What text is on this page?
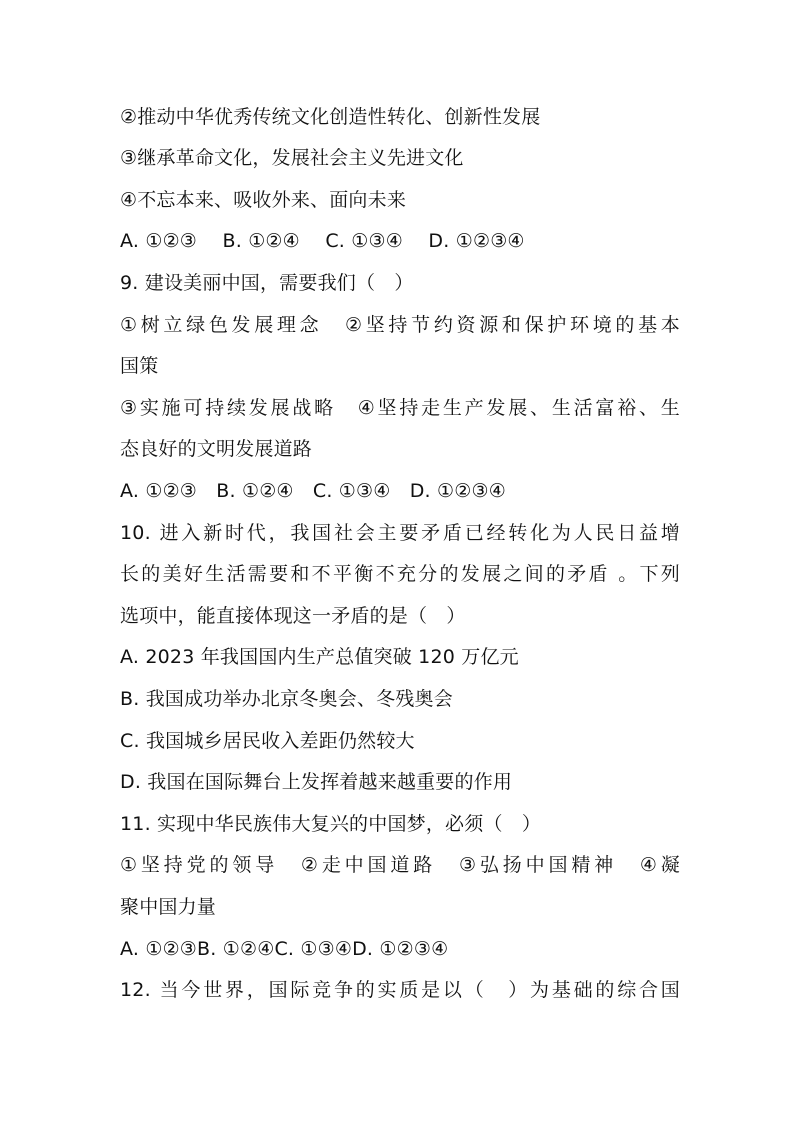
②推动中华优秀传统文化创造性转化、创新性发展
③继承革命文化，发展社会主义先进文化
④不忘本来、吸收外来、面向未来
A. ①②③　 B. ①②④　 C. ①③④　 D. ①②③④
9. 建设美丽中国，需要我们（　）
①树立绿色发展理念　②坚持节约资源和保护环境的基本
国策
③实施可持续发展战略　④坚持走生产发展、生活富裕、生
态良好的文明发展道路
A. ①②③　B. ①②④　C. ①③④　D. ①②③④
10. 进入新时代，我国社会主要矛盾已经转化为人民日益增
长的美好生活需要和不平衡不充分的发展之间的矛盾 。下列
选项中，能直接体现这一矛盾的是（　）
A. 2023 年我国国内生产总值突破 120 万亿元
B. 我国成功举办北京冬奥会、冬残奥会
C. 我国城乡居民收入差距仍然较大
D. 我国在国际舞台上发挥着越来越重要的作用
11. 实现中华民族伟大复兴的中国梦，必须（　）
①坚持党的领导　②走中国道路　③弘扬中国精神　④凝
聚中国力量
A. ①②③B. ①②④C. ①③④D. ①②③④
12. 当今世界，国际竞争的实质是以（　）为基础的综合国
